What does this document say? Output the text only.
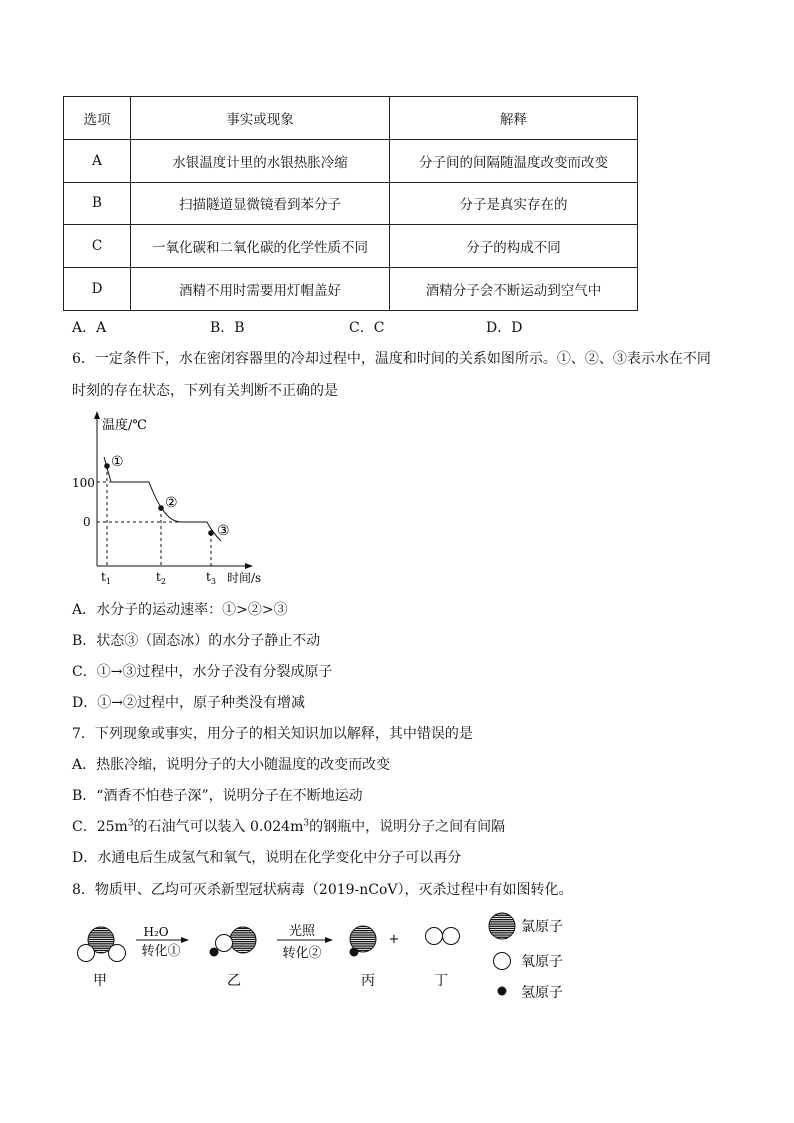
选项	事实或现象	解释
A	水银温度计里的水银热胀冷缩	分子间的间隔随温度改变而改变
B	扫描隧道显微镜看到苯分子	分子是真实存在的
C	一氧化碳和二氧化碳的化学性质不同	分子的构成不同
D	酒精不用时需要用灯帽盖好	酒精分子会不断运动到空气中
A．A	B．B	C．C	D．D
6．一定条件下，水在密闭容器里的冷却过程中，温度和时间的关系如图所示。①、②、③表示水在不同
时刻的存在状态，下列有关判断不正确的是
温度/℃
时间/s
100
0
①
②
③
$t_1$	$t_2$	$t_3$
A．水分子的运动速率：①>②>③
B．状态③（固态冰）的水分子静止不动
C．①→③过程中，水分子没有分裂成原子
D．①→②过程中，原子种类没有增减
7．下列现象或事实，用分子的相关知识加以解释，其中错误的是
A．热胀冷缩，说明分子的大小随温度的改变而改变
B．“酒香不怕巷子深”，说明分子在不断地运动
C．$25m^3$的石油气可以装入 $0.024m^3$的钢瓶中，说明分子之间有间隔
D．水通电后生成氢气和氧气，说明在化学变化中分子可以再分
8．物质甲、乙均可灭杀新型冠状病毒（2019-nCoV），灭杀过程中有如图转化。
甲
H₂O
转化①
乙
光照
转化②
丙
+
丁
氯原子
氧原子
氢原子
